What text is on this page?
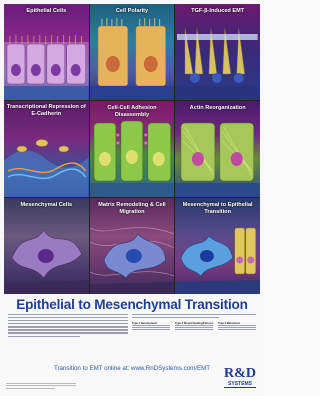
Epithelial Cells	Cell Polarity	TGF-β-Induced EMT
Transcriptional Repression of E-Cadherin
Cell-Cell Adhesion Disassembly
Actin Reorganization
Mesenchymal Cells	Matrix Remodeling & Cell Migration
Mesenchymal to Epithelial Transition
Epithelial to Mesenchymal Transition
Type 1 Development	Type 2 Wound Healing/Fibrosis Type 3 Metastasis
Transition to EMT online at: www.RnDSystems.com/EMT	R&D
SYSTEMS
